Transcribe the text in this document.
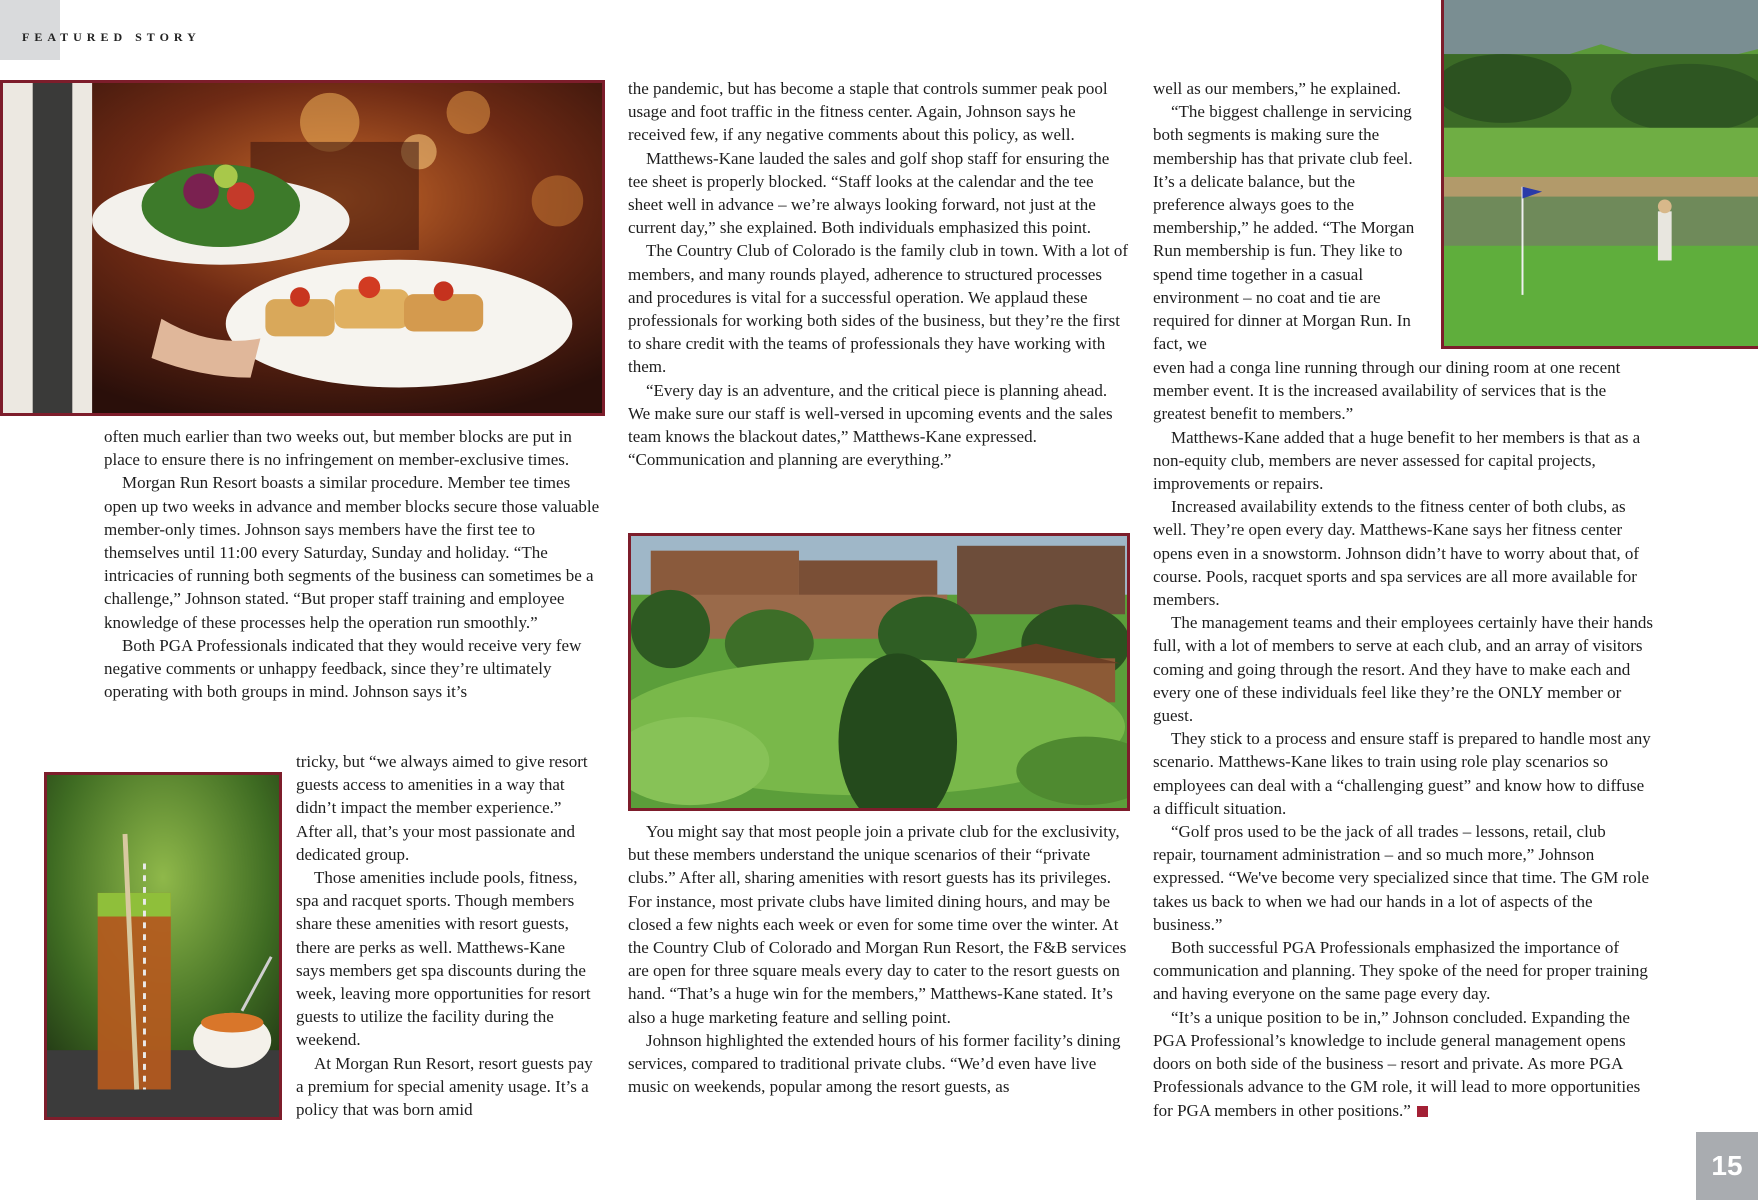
FEATURED STORY

often much earlier than two weeks out, but member blocks are put in place to ensure there is no infringement on member-exclusive times.

Morgan Run Resort boasts a similar procedure. Member tee times open up two weeks in advance and member blocks secure those valuable member-only times. Johnson says members have the first tee to themselves until 11:00 every Saturday, Sunday and holiday. “The intricacies of running both segments of the business can sometimes be a challenge,” Johnson stated. “But proper staff training and employee knowledge of these processes help the operation run smoothly.”

Both PGA Professionals indicated that they would receive very few negative comments or unhappy feedback, since they’re ultimately operating with both groups in mind. Johnson says it’s

tricky, but “we always aimed to give resort guests access to amenities in a way that didn’t impact the member experience.” After all, that’s your most passionate and dedicated group.

Those amenities include pools, fitness, spa and racquet sports. Though members share these amenities with resort guests, there are perks as well. Matthews-Kane says members get spa discounts during the week, leaving more opportunities for resort guests to utilize the facility during the weekend.

At Morgan Run Resort, resort guests pay a premium for special amenity usage. It’s a policy that was born amid

the pandemic, but has become a staple that controls summer peak pool usage and foot traffic in the fitness center. Again, Johnson says he received few, if any negative comments about this policy, as well.

Matthews-Kane lauded the sales and golf shop staff for ensuring the tee sheet is properly blocked. “Staff looks at the calendar and the tee sheet well in advance – we’re always looking forward, not just at the current day,” she explained. Both individuals emphasized this point.

The Country Club of Colorado is the family club in town. With a lot of members, and many rounds played, adherence to structured processes and procedures is vital for a successful operation. We applaud these professionals for working both sides of the business, but they’re the first to share credit with the teams of professionals they have working with them.

“Every day is an adventure, and the critical piece is planning ahead. We make sure our staff is well-versed in upcoming events and the sales team knows the blackout dates,” Matthews-Kane expressed. “Communication and planning are everything.”

You might say that most people join a private club for the exclusivity, but these members understand the unique scenarios of their “private clubs.” After all, sharing amenities with resort guests has its privileges. For instance, most private clubs have limited dining hours, and may be closed a few nights each week or even for some time over the winter. At the Country Club of Colorado and Morgan Run Resort, the F&B services are open for three square meals every day to cater to the resort guests on hand. “That’s a huge win for the members,” Matthews-Kane stated. It’s also a huge marketing feature and selling point.

Johnson highlighted the extended hours of his former facility’s dining services, compared to traditional private clubs. “We’d even have live music on weekends, popular among the resort guests, as

well as our members,” he explained.

“The biggest challenge in servicing both segments is making sure the membership has that private club feel. It’s a delicate balance, but the preference always goes to the membership,” he added. “The Morgan Run membership is fun. They like to spend time together in a casual environment – no coat and tie are required for dinner at Morgan Run. In fact, we

even had a conga line running through our dining room at one recent member event. It is the increased availability of services that is the greatest benefit to members.”

Matthews-Kane added that a huge benefit to her members is that as a non-equity club, members are never assessed for capital projects, improvements or repairs.

Increased availability extends to the fitness center of both clubs, as well. They’re open every day. Matthews-Kane says her fitness center opens even in a snowstorm. Johnson didn’t have to worry about that, of course. Pools, racquet sports and spa services are all more available for members.

The management teams and their employees certainly have their hands full, with a lot of members to serve at each club, and an array of visitors coming and going through the resort. And they have to make each and every one of these individuals feel like they’re the ONLY member or guest.

They stick to a process and ensure staff is prepared to handle most any scenario. Matthews-Kane likes to train using role play scenarios so employees can deal with a “challenging guest” and know how to diffuse a difficult situation.

“Golf pros used to be the jack of all trades – lessons, retail, club repair, tournament administration – and so much more,” Johnson expressed. “We've become very specialized since that time. The GM role takes us back to when we had our hands in a lot of aspects of the business.”

Both successful PGA Professionals emphasized the importance of communication and planning. They spoke of the need for proper training and having everyone on the same page every day.

“It’s a unique position to be in,” Johnson concluded. Expanding the PGA Professional’s knowledge to include general management opens doors on both side of the business – resort and private. As more PGA Professionals advance to the GM role, it will lead to more opportunities for PGA members in other positions.”

15
